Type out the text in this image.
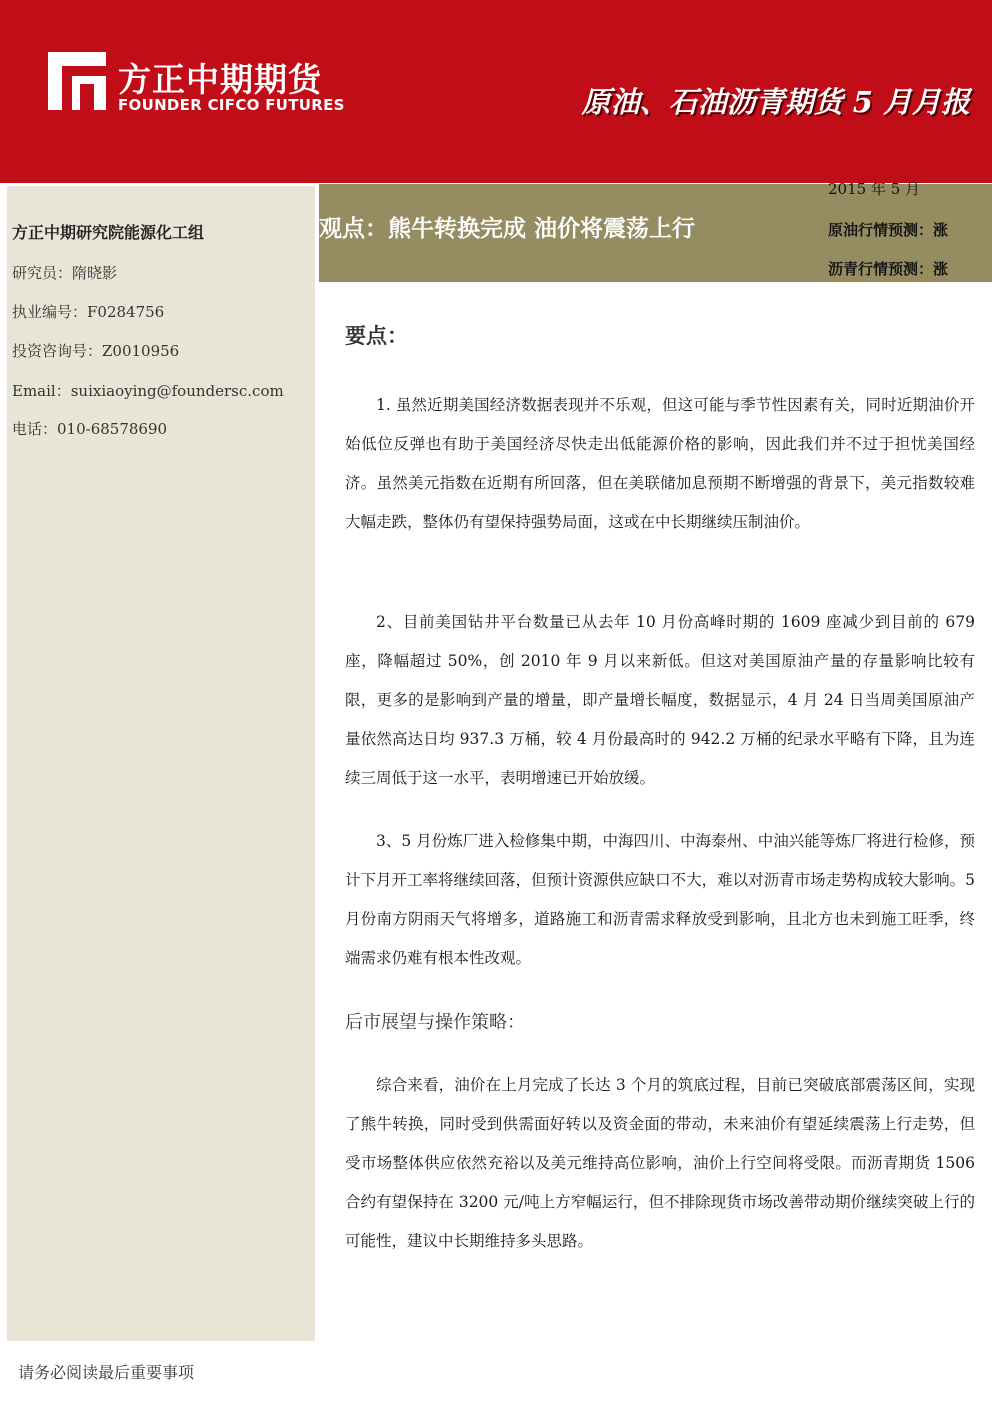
方正中期期货
FOUNDER CIFCO FUTURES	原油、石油沥青期货 5 月月报
方正中期研究院能源化工组
研究员：隋晓影
执业编号：F0284756
投资咨询号：Z0010956
Email：suixiaoying@foundersc.com
电话：010-68578690
观点：熊牛转换完成 油价将震荡上行
2015 年 5 月
原油行情预测：涨
沥青行情预测：涨
要点：

1. 虽然近期美国经济数据表现并不乐观，但这可能与季节性因素有关，同时近期油价开始低位反弹也有助于美国经济尽快走出低能源价格的影响，因此我们并不过于担忧美国经济。虽然美元指数在近期有所回落，但在美联储加息预期不断增强的背景下，美元指数较难大幅走跌，整体仍有望保持强势局面，这或在中长期继续压制油价。

2、目前美国钻井平台数量已从去年 10 月份高峰时期的 1609 座减少到目前的 679 座，降幅超过 50%，创 2010 年 9 月以来新低。但这对美国原油产量的存量影响比较有限，更多的是影响到产量的增量，即产量增长幅度，数据显示，4 月 24 日当周美国原油产量依然高达日均 937.3 万桶，较 4 月份最高时的 942.2 万桶的纪录水平略有下降，且为连续三周低于这一水平，表明增速已开始放缓。

3、5 月份炼厂进入检修集中期，中海四川、中海泰州、中油兴能等炼厂将进行检修，预计下月开工率将继续回落，但预计资源供应缺口不大，难以对沥青市场走势构成较大影响。5 月份南方阴雨天气将增多，道路施工和沥青需求释放受到影响，且北方也未到施工旺季，终端需求仍难有根本性改观。

后市展望与操作策略：

综合来看，油价在上月完成了长达 3 个月的筑底过程，目前已突破底部震荡区间，实现了熊牛转换，同时受到供需面好转以及资金面的带动，未来油价有望延续震荡上行走势，但受市场整体供应依然充裕以及美元维持高位影响，油价上行空间将受限。而沥青期货 1506 合约有望保持在 3200 元/吨上方窄幅运行，但不排除现货市场改善带动期价继续突破上行的可能性，建议中长期维持多头思路。

请务必阅读最后重要事项
